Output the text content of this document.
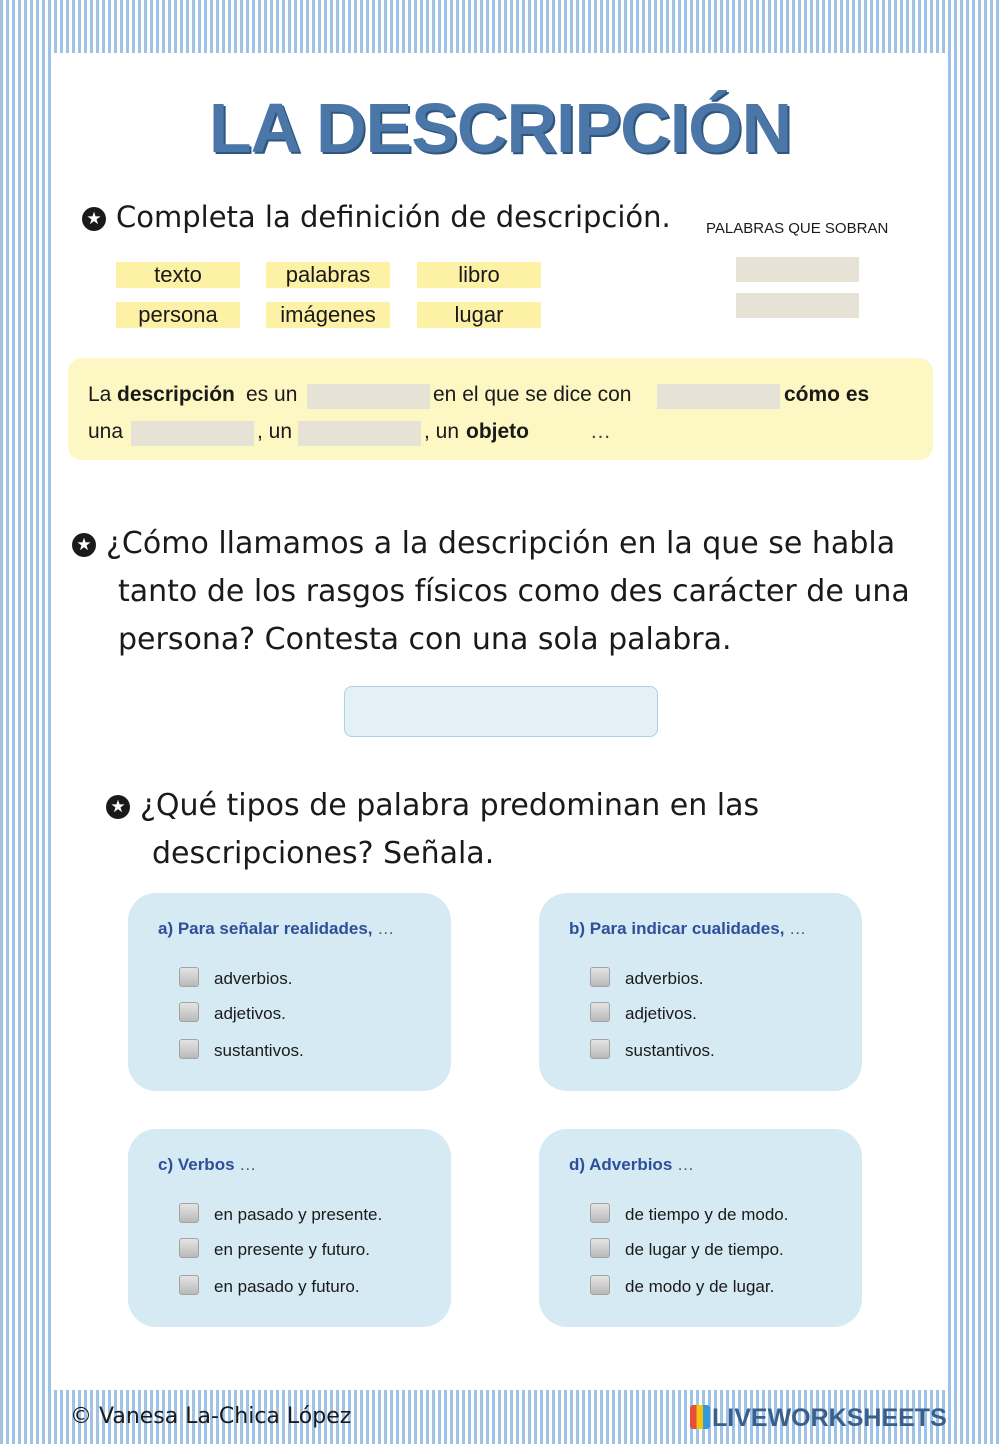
LA DESCRIPCIÓN
★ Completa la definición de descripción. PALABRAS QUE SOBRAN
texto	palabras	libro
persona	imágenes	lugar
La descripción es un	en el que se dice con	cómo es
una	, un	, un objeto	…
★ ¿Cómo llamamos a la descripción en la que se habla
tanto de los rasgos físicos como des carácter de una
persona? Contesta con una sola palabra.
★ ¿Qué tipos de palabra predominan en las
descripciones? Señala.
a) Para señalar realidades, …
adverbios.
adjetivos.
sustantivos.
b) Para indicar cualidades, …
adverbios.
adjetivos.
sustantivos.
c) Verbos …
en pasado y presente.
en presente y futuro.
en pasado y futuro.
d) Adverbios …
de tiempo y de modo.
de lugar y de tiempo.
de modo y de lugar.
© Vanesa La-Chica López	LIVEWORKSHEETS
